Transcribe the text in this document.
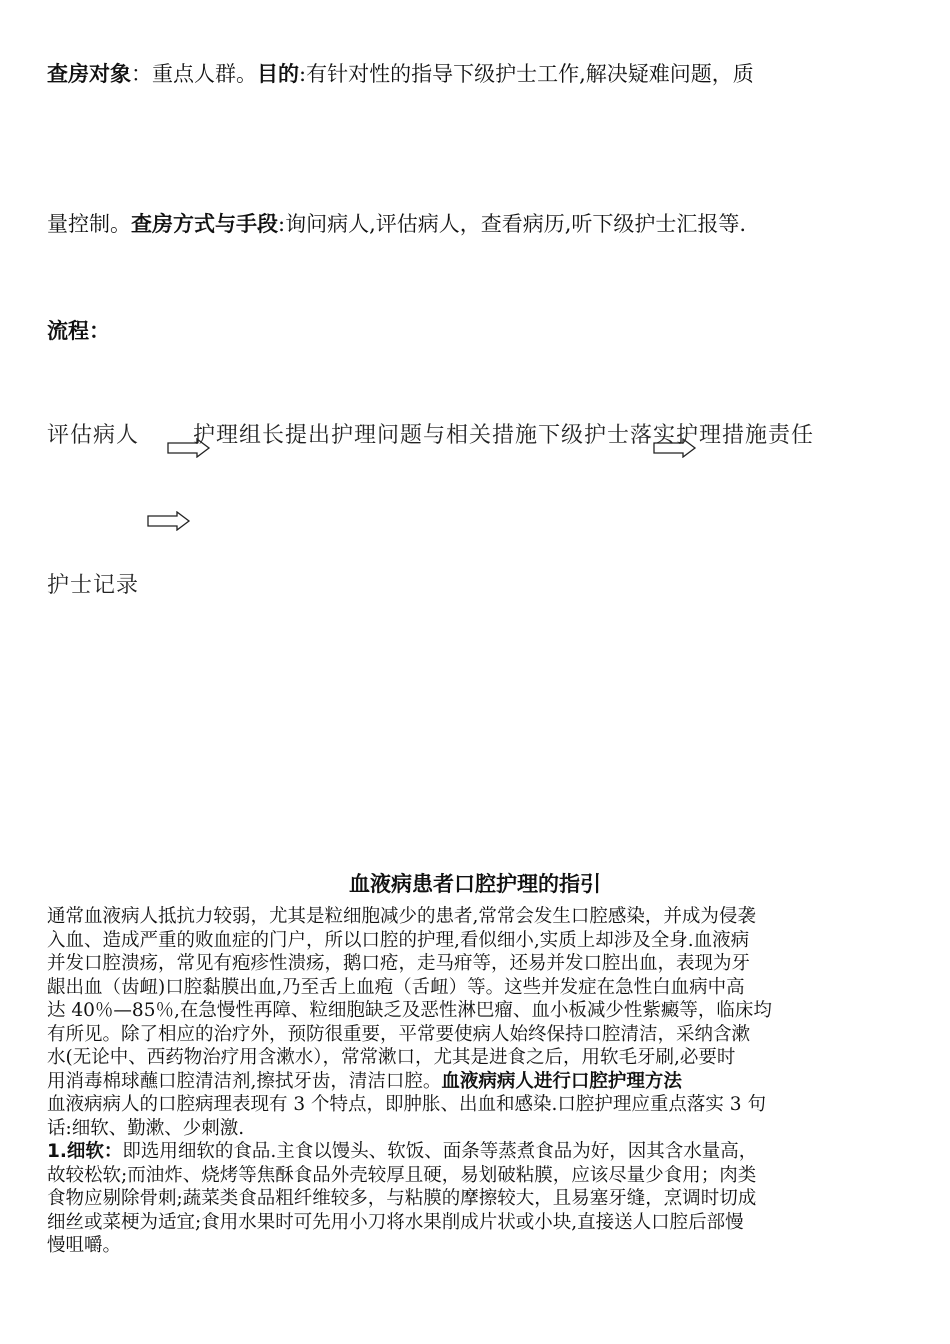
查房对象：重点人群。目的:有针对性的指导下级护士工作,解决疑难问题，质
量控制。查房方式与手段:询问病人,评估病人，查看病历,听下级护士汇报等.
流程：
评估病人 护理组长提出护理问题与相关措施下级护士落实护理措施责任
护士记录
血液病患者口腔护理的指引

通常血液病人抵抗力较弱，尤其是粒细胞减少的患者,常常会发生口腔感染，并成为侵袭

入血、造成严重的败血症的门户，所以口腔的护理,看似细小,实质上却涉及全身.血液病

并发口腔溃疡，常见有疱疹性溃疡，鹅口疮，走马疳等，还易并发口腔出血，表现为牙

龈出血（齿衄)口腔黏膜出血,乃至舌上血疱（舌衄）等。这些并发症在急性白血病中高

达 40％—85％,在急慢性再障、粒细胞缺乏及恶性淋巴瘤、血小板减少性紫癜等，临床均

有所见。除了相应的治疗外，预防很重要，平常要使病人始终保持口腔清洁，采纳含漱

水(无论中、西药物治疗用含漱水），常常漱口，尤其是进食之后，用软毛牙刷,必要时

用消毒棉球蘸口腔清洁剂,擦拭牙齿，清洁口腔。血液病病人进行口腔护理方法

血液病病人的口腔病理表现有 3 个特点，即肿胀、出血和感染.口腔护理应重点落实 3 句

话:细软、勤漱、少刺激.

1.细软：即选用细软的食品.主食以馒头、软饭、面条等蒸煮食品为好，因其含水量高，

故较松软;而油炸、烧烤等焦酥食品外壳较厚且硬，易划破粘膜，应该尽量少食用；肉类

食物应剔除骨刺;蔬菜类食品粗纤维较多，与粘膜的摩擦较大，且易塞牙缝，烹调时切成

细丝或菜梗为适宜;食用水果时可先用小刀将水果削成片状或小块,直接送人口腔后部慢

慢咀嚼。
